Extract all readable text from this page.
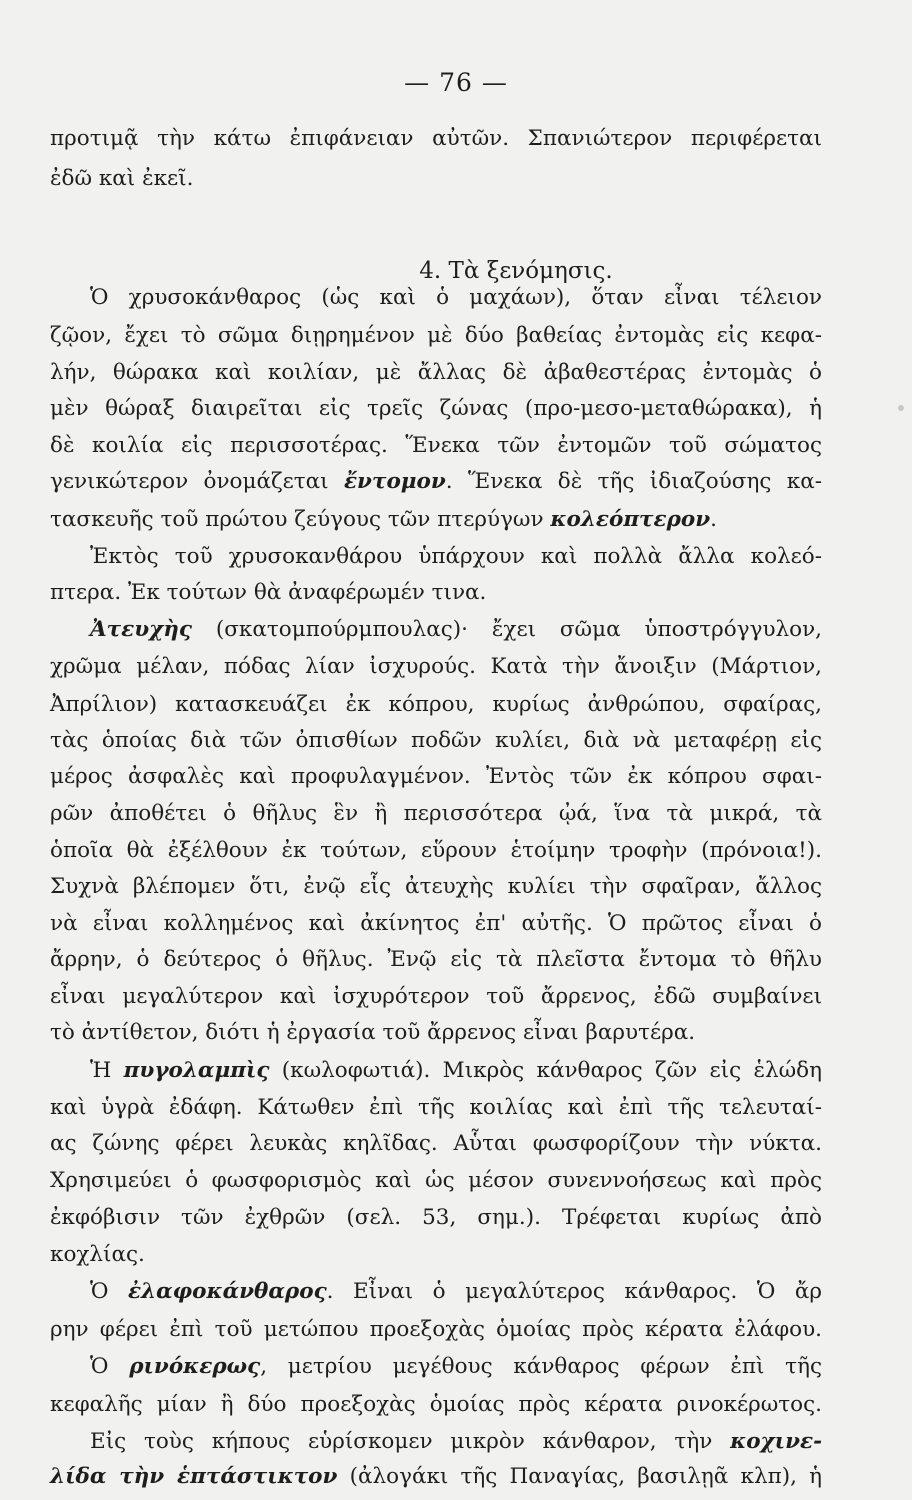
— 76 —
4. Τὰ ξενόμησις.
προτιμᾷ τὴν κάτω ἐπιφάνειαν αὐτῶν. Σπανιώτερον περιφέρεται
ἐδῶ καὶ ἐκεῖ.
Ὁ χρυσοκάνθαρος (ὡς καὶ ὁ μαχάων), ὅταν εἶναι τέλειον
ζῷον, ἔχει τὸ σῶμα διῃρημένον μὲ δύο βαθείας ἐντομὰς εἰς κεφα-
λήν, θώρακα καὶ κοιλίαν, μὲ ἄλλας δὲ ἀβαθεστέρας ἐντομὰς ὁ
μὲν θώραξ διαιρεῖται εἰς τρεῖς ζώνας (προ-μεσο-μεταθώρακα), ἡ
δὲ κοιλία εἰς περισσοτέρας. Ἕνεκα τῶν ἐντομῶν τοῦ σώματος
γενικώτερον ὀνομάζεται ἔντομον. Ἕνεκα δὲ τῆς ἰδιαζούσης κα-
τασκευῆς τοῦ πρώτου ζεύγους τῶν πτερύγων κολεόπτερον.
Ἐκτὸς τοῦ χρυσοκανθάρου ὑπάρχουν καὶ πολλὰ ἄλλα κολεό-
πτερα. Ἐκ τούτων θὰ ἀναφέρωμέν τινα.
Ἀτευχὴς (σκατομπούρμπουλας)· ἔχει σῶμα ὑποστρόγγυλον,
χρῶμα μέλαν, πόδας λίαν ἰσχυρούς. Κατὰ τὴν ἄνοιξιν (Μάρτιον,
Ἀπρίλιον) κατασκευάζει ἐκ κόπρου, κυρίως ἀνθρώπου, σφαίρας,
τὰς ὁποίας διὰ τῶν ὀπισθίων ποδῶν κυλίει, διὰ νὰ μεταφέρῃ εἰς
μέρος ἀσφαλὲς καὶ προφυλαγμένον. Ἐντὸς τῶν ἐκ κόπρου σφαι-
ρῶν ἀποθέτει ὁ θῆλυς ἓν ἢ περισσότερα ᾠά, ἵνα τὰ μικρά, τὰ
ὁποῖα θὰ ἐξέλθουν ἐκ τούτων, εὕρουν ἑτοίμην τροφὴν (πρόνοια!).
Συχνὰ βλέπομεν ὅτι, ἐνῷ εἷς ἀτευχὴς κυλίει τὴν σφαῖραν, ἄλλος
νὰ εἶναι κολλημένος καὶ ἀκίνητος ἐπ' αὐτῆς. Ὁ πρῶτος εἶναι ὁ
ἄρρην, ὁ δεύτερος ὁ θῆλυς. Ἐνῷ εἰς τὰ πλεῖστα ἔντομα τὸ θῆλυ
εἶναι μεγαλύτερον καὶ ἰσχυρότερον τοῦ ἄρρενος, ἐδῶ συμβαίνει
τὸ ἀντίθετον, διότι ἡ ἐργασία τοῦ ἄρρενος εἶναι βαρυτέρα.
Ἡ πυγολαμπὶς (κωλοφωτιά). Μικρὸς κάνθαρος ζῶν εἰς ἑλώδη
καὶ ὑγρὰ ἐδάφη. Κάτωθεν ἐπὶ τῆς κοιλίας καὶ ἐπὶ τῆς τελευταί-
ας ζώνης φέρει λευκὰς κηλῖδας. Αὗται φωσφορίζουν τὴν νύκτα.
Χρησιμεύει ὁ φωσφορισμὸς καὶ ὡς μέσον συνεννοήσεως καὶ πρὸς
ἐκφόβισιν τῶν ἐχθρῶν (σελ. 53, σημ.). Τρέφεται κυρίως ἀπὸ
κοχλίας.
Ὁ ἐλαφοκάνθαρος. Εἶναι ὁ μεγαλύτερος κάνθαρος. Ὁ ἄρ
ρην φέρει ἐπὶ τοῦ μετώπου προεξοχὰς ὁμοίας πρὸς κέρατα ἐλάφου.
Ὁ ρινόκερως, μετρίου μεγέθους κάνθαρος φέρων ἐπὶ τῆς
κεφαλῆς μίαν ἢ δύο προεξοχὰς ὁμοίας πρὸς κέρατα ρινοκέρωτος.
Εἰς τοὺς κήπους εὑρίσκομεν μικρὸν κάνθαρον, τὴν κοχινε-
λίδα τὴν ἑπτάστικτον (ἀλογάκι τῆς Παναγίας, βασιλῃᾶ κλπ), ἡ
